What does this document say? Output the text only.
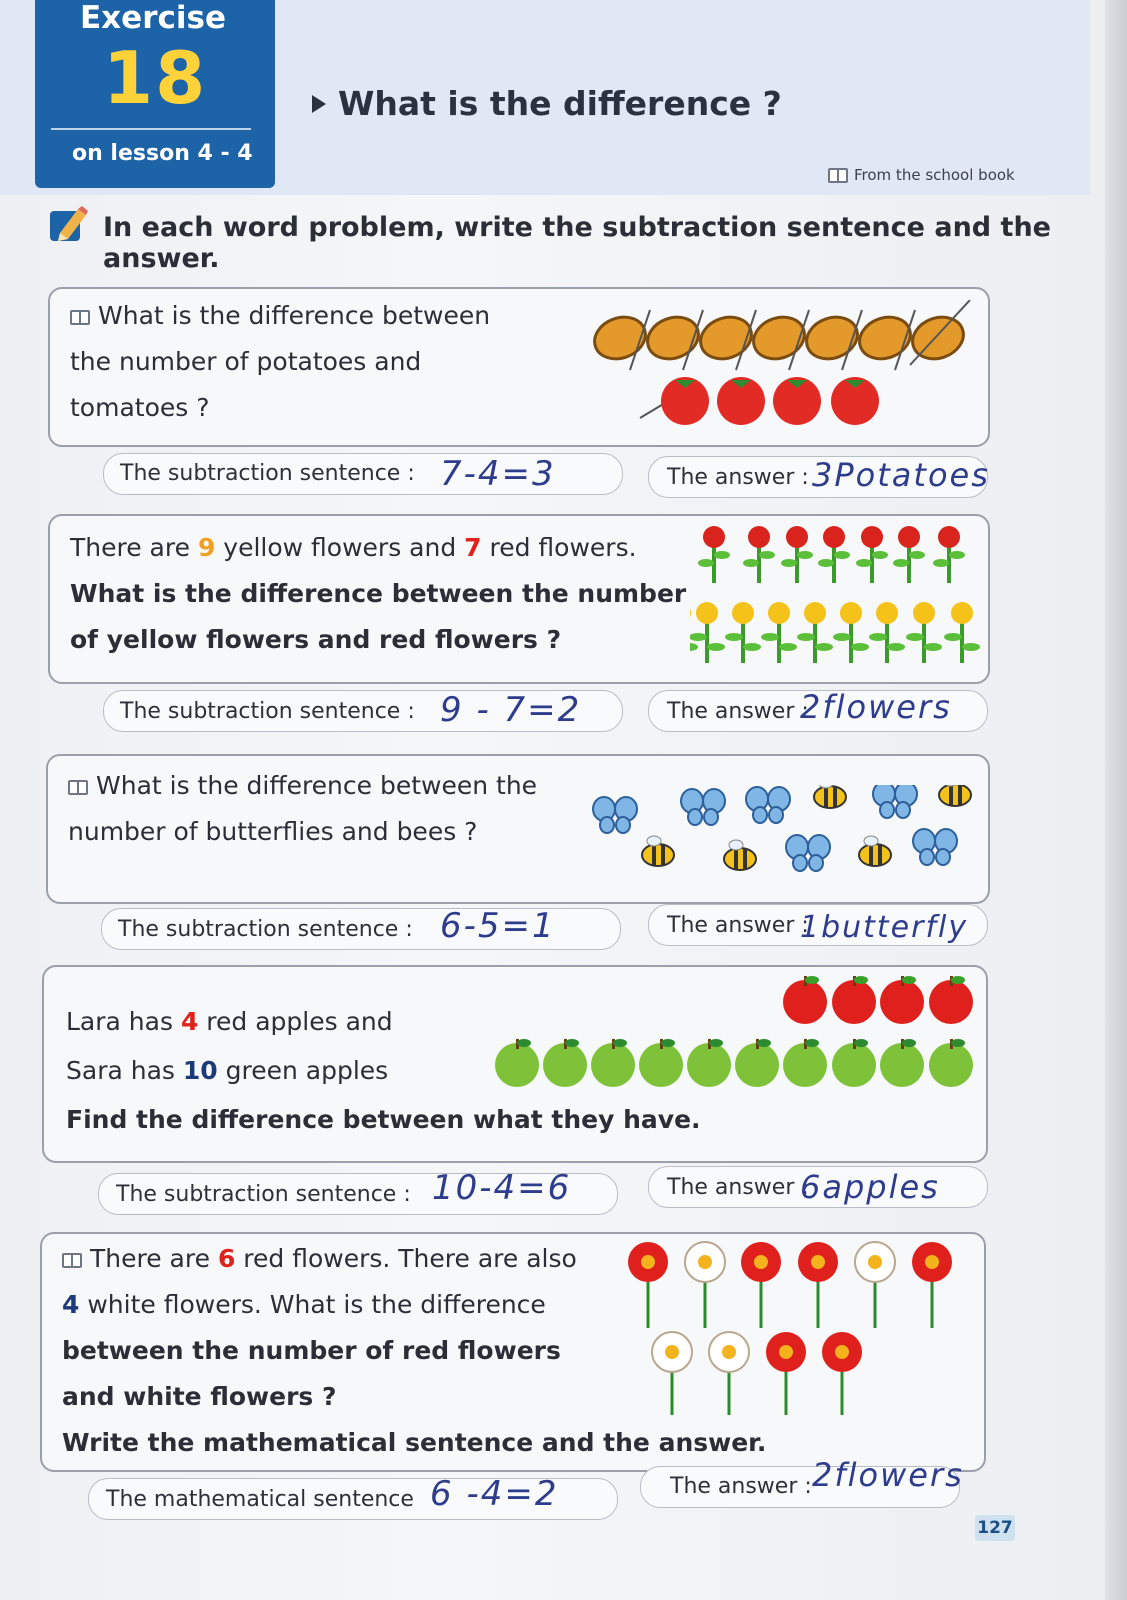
Exercise
18
on lesson 4 - 4
What is the difference ?
From the school book
In each word problem, write the subtraction sentence and the answer.
What is the difference between
the number of potatoes and
tomatoes ?
The subtraction sentence : 7-4=3	The answer : 3Potatoes
There are 9 yellow flowers and 7 red flowers.
What is the difference between the number
of yellow flowers and red flowers ?
The subtraction sentence : 9 - 7=2	The answer :
2flowers
What is the difference between the
number of butterflies and bees ?
The subtraction sentence : 6-5=1	The answer :
1butterfly
Lara has 4 red apples and
Sara has 10 green apples
Find the difference between what they have.
The subtraction sentence : 10-4=6	The answer :
6apples
There are 6 red flowers. There are also
4 white flowers. What is the difference
between the number of red flowers
and white flowers ?
Write the mathematical sentence and the answer.
The mathematical sentence 6 -4=2	The answer : 2flowers
127
